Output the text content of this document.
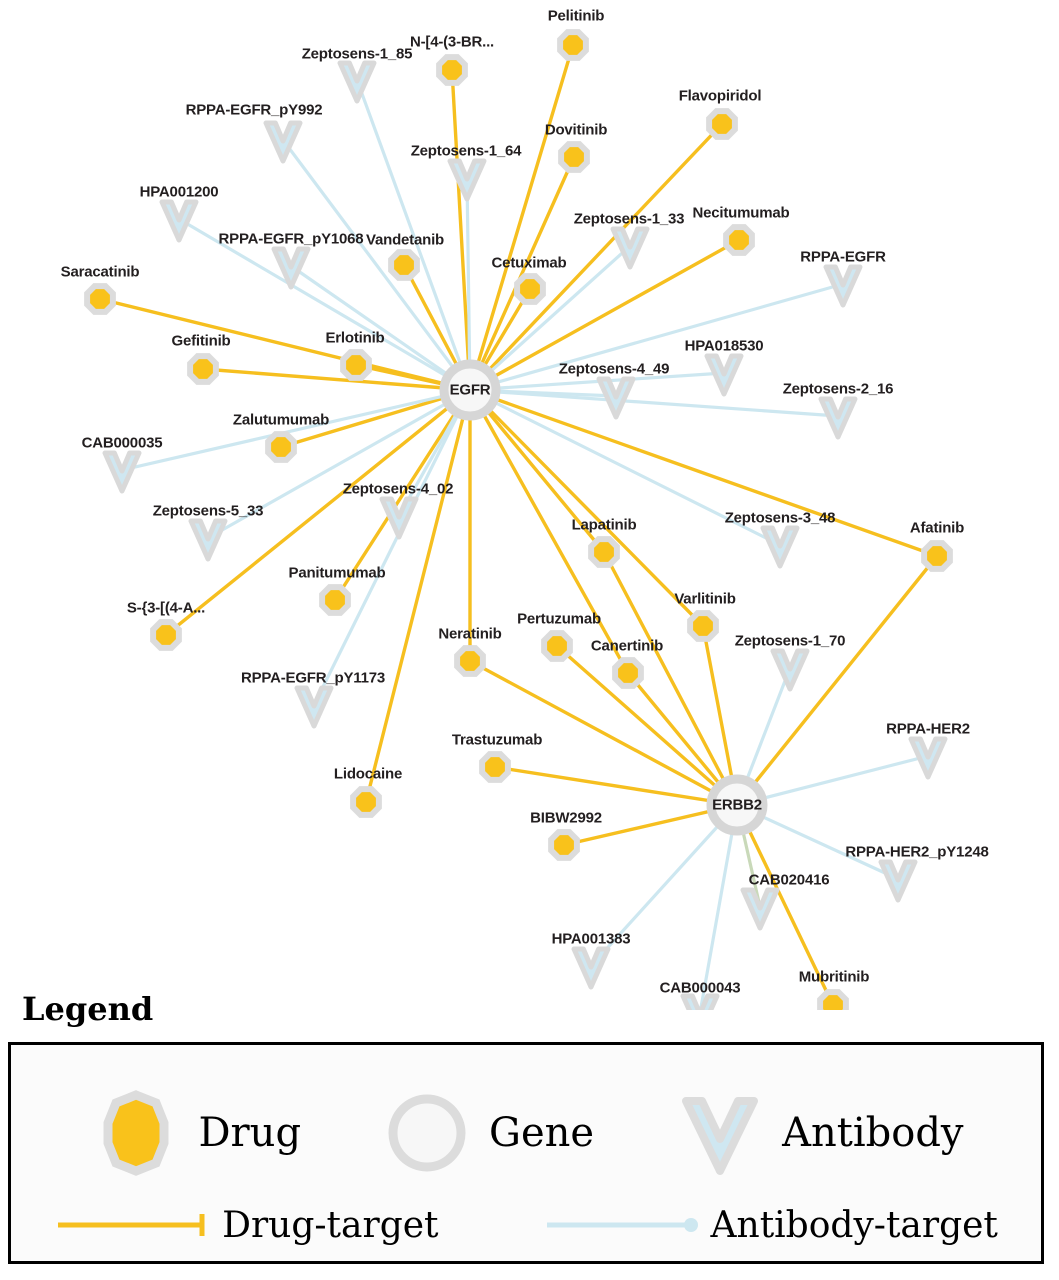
Pelitinib
N-[4-(3-BR...
Flavopiridol
Dovitinib
Necitumumab
Vandetanib
Cetuximab
Saracatinib
Gefitinib	Erlotinib
Zalutumumab
Panitumumab
S-{3-[(4-A...
Lidocaine
Lapatinib	Afatinib
Varlitinib
Pertuzumab
Neratinib
Canertinib
Trastuzumab
BIBW2992
Mubritinib
Zeptosens-1_85
RPPA-EGFR_pY992
Zeptosens-1_64
HPA001200
Zeptosens-1_33
RPPA-EGFR_pY1068
RPPA-EGFR
HPA018530
Zeptosens-4_49
Zeptosens-2_16
CAB000035
Zeptosens-4_02
Zeptosens-5_33	Zeptosens-3_48
Zeptosens-1_70
RPPA-EGFR_pY1173
RPPA-HER2
RPPA-HER2_pY1248
CAB020416
HPA001383
CAB000043
EGFR
ERBB2
Legend
Drug	Gene	Antibody
Drug-target	Antibody-target
